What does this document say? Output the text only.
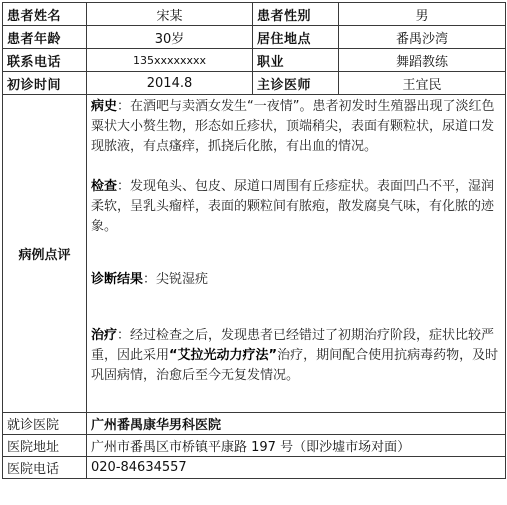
患者姓名	宋某	患者性别	男
患者年龄	30岁	居住地点	番禺沙湾
联系电话	135xxxxxxxx	职业	舞蹈教练
初诊时间	2014.8	主诊医师	王宜民
病例点评	病史：在酒吧与卖酒女发生“一夜情”。患者初发时生殖器出现了淡红色粟状大小赘生物，形态如丘疹状，顶端稍尖，表面有颗粒状，尿道口发现脓液，有点瘙痒，抓挠后化脓，有出血的情况。

检查：发现龟头、包皮、尿道口周围有丘疹症状。表面凹凸不平，湿润柔软，呈乳头瘤样，表面的颗粒间有脓疱，散发腐臭气味，有化脓的迹象。

诊断结果：尖锐湿疣

治疗：经过检查之后，发现患者已经错过了初期治疗阶段，症状比较严重，因此采用“艾拉光动力疗法”治疗，期间配合使用抗病毒药物，及时巩固病情，治愈后至今无复发情况。		

就诊医院	广州番禺康华男科医院		
医院地址	广州市番禺区市桥镇平康路 197 号（即沙墟市场对面）		
医院电话	020-84634557		
